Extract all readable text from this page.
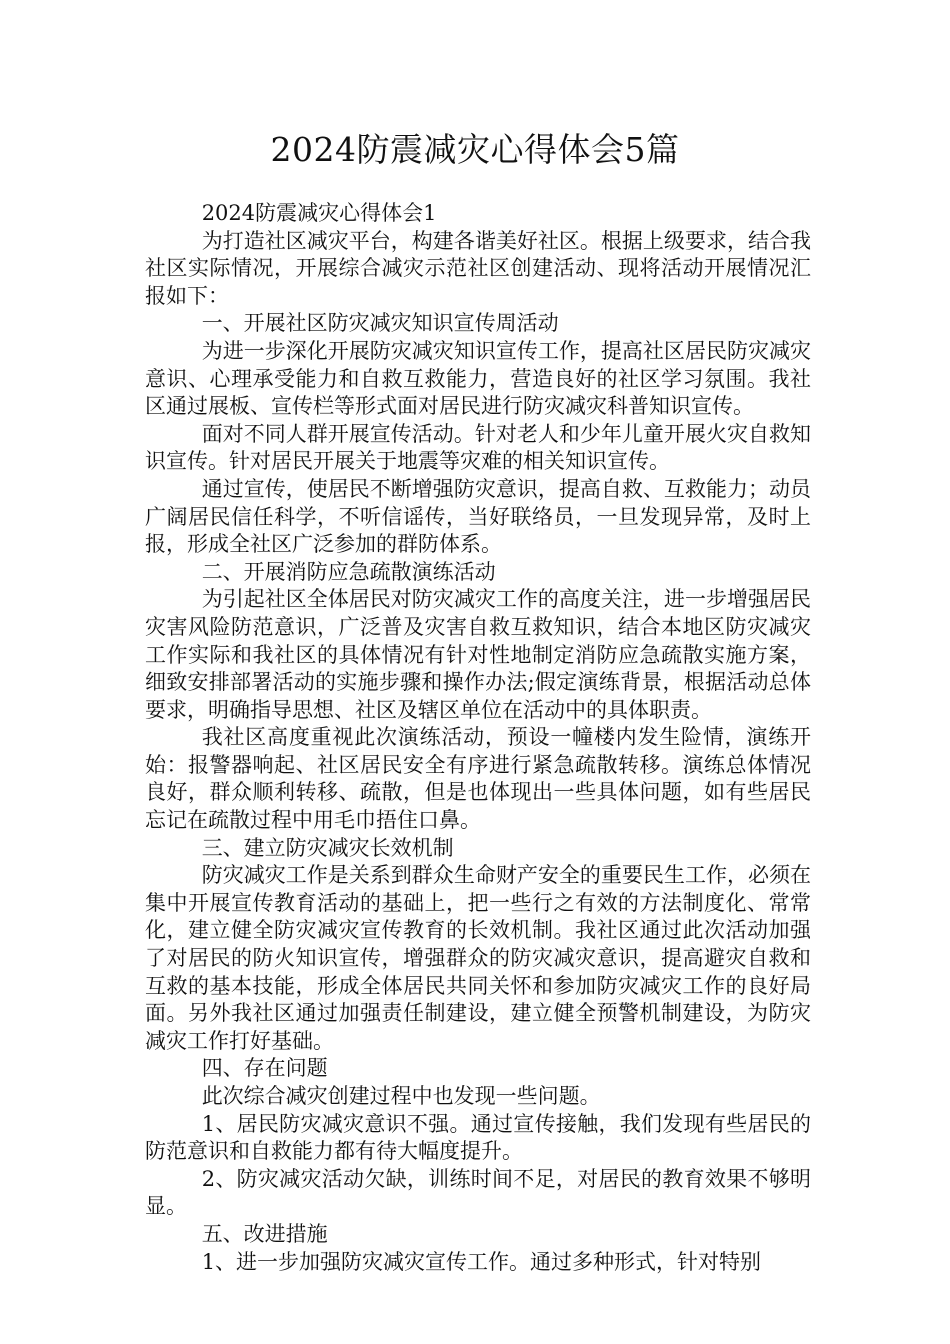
2024防震减灾心得体会5篇

2024防震减灾心得体会1

为打造社区减灾平台，构建各谐美好社区。根据上级要求，结合我社区实际情况，开展综合减灾示范社区创建活动、现将活动开展情况汇报如下：

一、开展社区防灾减灾知识宣传周活动

为进一步深化开展防灾减灾知识宣传工作，提高社区居民防灾减灾意识、心理承受能力和自救互救能力，营造良好的社区学习氛围。我社区通过展板、宣传栏等形式面对居民进行防灾减灾科普知识宣传。

面对不同人群开展宣传活动。针对老人和少年儿童开展火灾自救知识宣传。针对居民开展关于地震等灾难的相关知识宣传。

通过宣传，使居民不断增强防灾意识，提高自救、互救能力；动员广阔居民信任科学，不听信谣传，当好联络员，一旦发现异常，及时上报，形成全社区广泛参加的群防体系。

二、开展消防应急疏散演练活动

为引起社区全体居民对防灾减灾工作的高度关注，进一步增强居民灾害风险防范意识，广泛普及灾害自救互救知识，结合本地区防灾减灾工作实际和我社区的具体情况有针对性地制定消防应急疏散实施方案，细致安排部署活动的实施步骤和操作办法;假定演练背景，根据活动总体要求，明确指导思想、社区及辖区单位在活动中的具体职责。

我社区高度重视此次演练活动，预设一幢楼内发生险情，演练开始：报警器响起、社区居民安全有序进行紧急疏散转移。演练总体情况良好，群众顺利转移、疏散，但是也体现出一些具体问题，如有些居民忘记在疏散过程中用毛巾捂住口鼻。

三、建立防灾减灾长效机制

防灾减灾工作是关系到群众生命财产安全的重要民生工作，必须在集中开展宣传教育活动的基础上，把一些行之有效的方法制度化、常常化，建立健全防灾减灾宣传教育的长效机制。我社区通过此次活动加强了对居民的防火知识宣传，增强群众的防灾减灾意识，提高避灾自救和互救的基本技能，形成全体居民共同关怀和参加防灾减灾工作的良好局面。另外我社区通过加强责任制建设，建立健全预警机制建设，为防灾减灾工作打好基础。

四、存在问题

此次综合减灾创建过程中也发现一些问题。

1、居民防灾减灾意识不强。通过宣传接触，我们发现有些居民的防范意识和自救能力都有待大幅度提升。

2、防灾减灾活动欠缺，训练时间不足，对居民的教育效果不够明显。

五、改进措施

1、进一步加强防灾减灾宣传工作。通过多种形式，针对特别
